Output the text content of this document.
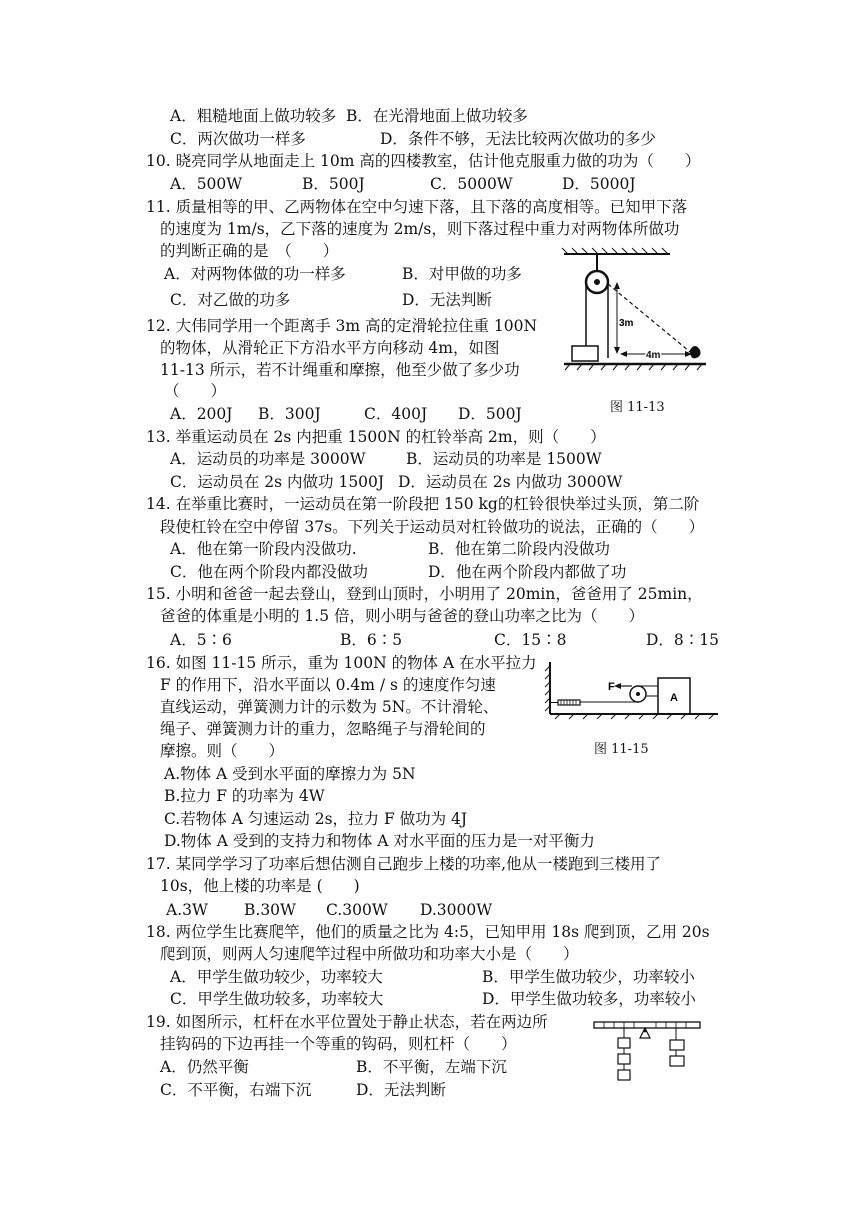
A．粗糙地面上做功较多 B．在光滑地面上做功较多
C．两次做功一样多	D．条件不够，无法比较两次做功的多少
10. 晓亮同学从地面走上 10m 高的四楼教室，估计他克服重力做的功为（　　）
A．500W	B．500J	C．5000W	D．5000J
11. 质量相等的甲、乙两物体在空中匀速下落，且下落的高度相等。已知甲下落
的速度为 1m/s，乙下落的速度为 2m/s，则下落过程中重力对两物体所做功
的判断正确的是　（　　）
A．对两物体做的功一样多	B．对甲做的功多
C．对乙做的功多	D．无法判断
3m
4m
图 11-13
12. 大伟同学用一个距离手 3m 高的定滑轮拉住重 100N
的物体，从滑轮正下方沿水平方向移动 4m，如图
11-13 所示，若不计绳重和摩擦，他至少做了多少功
（　　）
A．200J B．300J	C．400J D．500J
13. 举重运动员在 2s 内把重 1500N 的杠铃举高 2m，则（　　）
A．运动员的功率是 3000W	B．运动员的功率是 1500W
C．运动员在 2s 内做功 1500J D．运动员在 2s 内做功 3000W
14. 在举重比赛时，一运动员在第一阶段把 150 kg的杠铃很快举过头顶，第二阶
段使杠铃在空中停留 37s。下列关于运动员对杠铃做功的说法，正确的（　　）
A．他在第一阶段内没做功.	B．他在第二阶段内没做功
C．他在两个阶段内都没做功	D．他在两个阶段内都做了功
15. 小明和爸爸一起去登山，登到山顶时，小明用了 20min，爸爸用了 25min，
爸爸的体重是小明的 1.5 倍，则小明与爸爸的登山功率之比为（　　）
A．5∶6	B．6∶5	C．15∶8	D．8∶15
F
A
图 11-15
16. 如图 11-15 所示，重为 100N 的物体 A 在水平拉力
F 的作用下，沿水平面以 0.4m / s 的速度作匀速
直线运动，弹簧测力计的示数为 5N。不计滑轮、
绳子、弹簧测力计的重力，忽略绳子与滑轮间的
摩擦。则（　　）
A.物体 A 受到水平面的摩擦力为 5N
B.拉力 F 的功率为 4W
C.若物体 A 匀速运动 2s，拉力 F 做功为 4J
D.物体 A 受到的支持力和物体 A 对水平面的压力是一对平衡力
17. 某同学学习了功率后想估测自己跑步上楼的功率,他从一楼跑到三楼用了
10s，他上楼的功率是 (　　)
A.3W B.30W C.300W D.3000W
18. 两位学生比赛爬竿，他们的质量之比为 4:5，已知甲用 18s 爬到顶，乙用 20s
爬到顶，则两人匀速爬竿过程中所做功和功率大小是（　　）
A．甲学生做功较少，功率较大	B．甲学生做功较少，功率较小
C．甲学生做功较多，功率较大	D．甲学生做功较多，功率较小
19. 如图所示，杠杆在水平位置处于静止状态，若在两边所
挂钩码的下边再挂一个等重的钩码，则杠杆（　　）
A．仍然平衡	B．不平衡，左端下沉
C．不平衡，右端下沉	D．无法判断
